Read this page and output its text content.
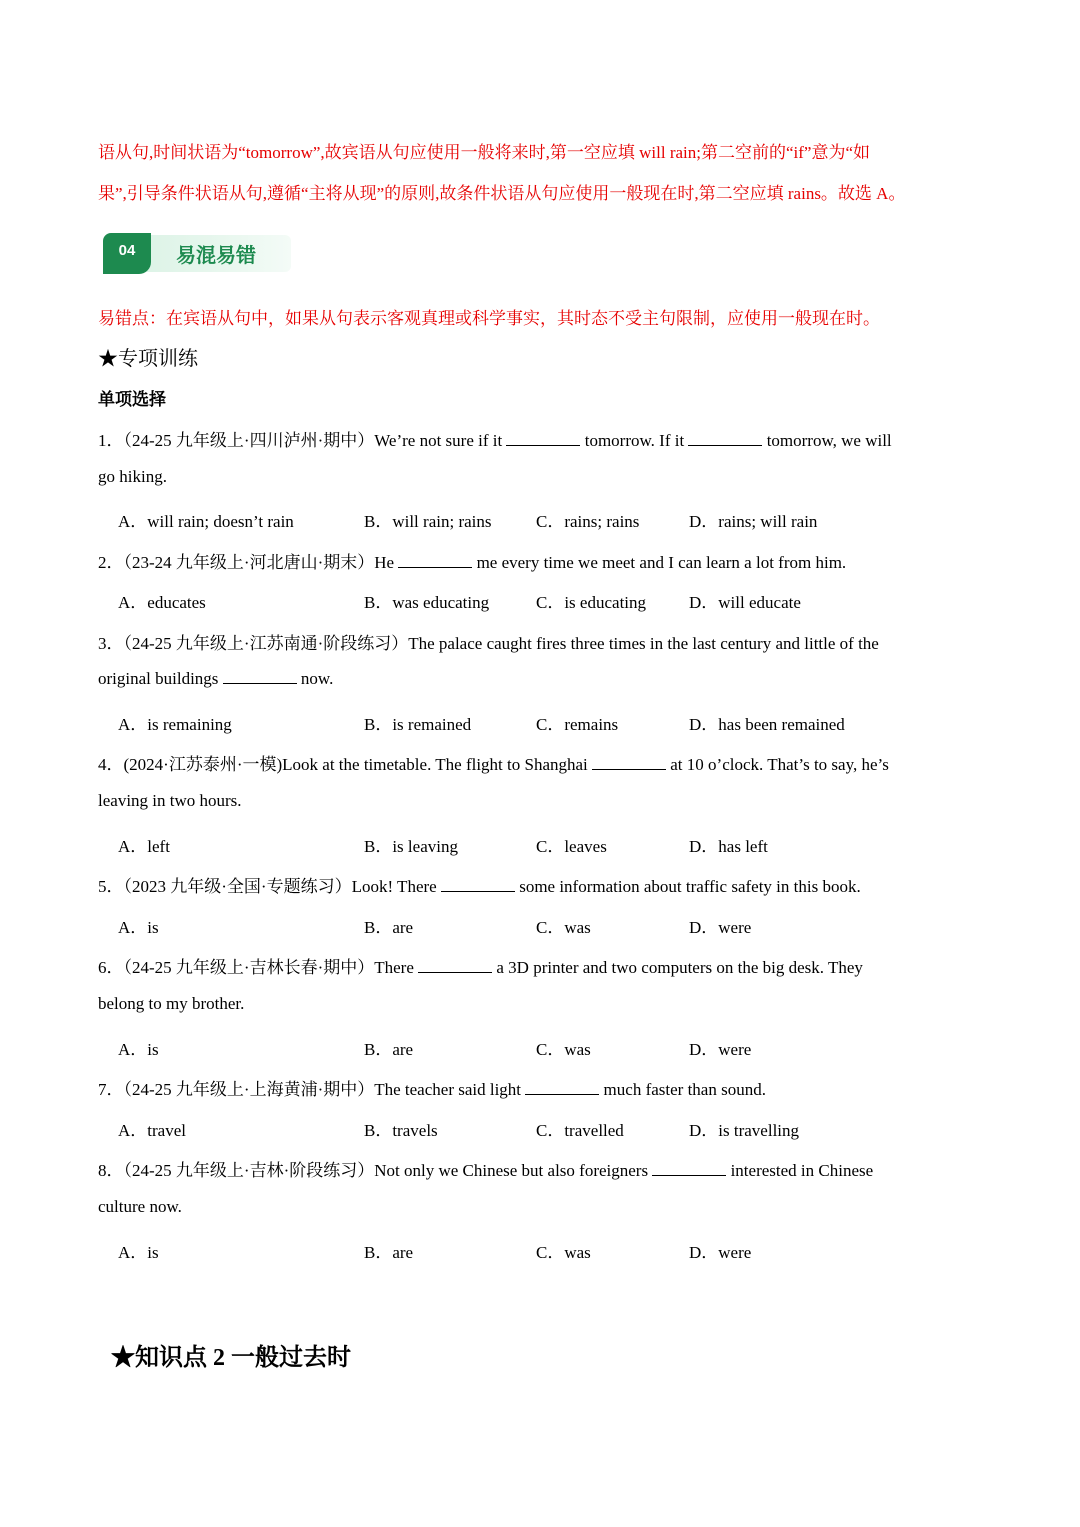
语从句,时间状语为“tomorrow”,故宾语从句应使用一般将来时,第一空应填 will rain;第二空前的“if”意为“如
果”,引导条件状语从句,遵循“主将从现”的原则,故条件状语从句应使用一般现在时,第二空应填 rains。故选 A。
04	易混易错
易错点：在宾语从句中，如果从句表示客观真理或科学事实，其时态不受主句限制，应使用一般现在时。
★专项训练
单项选择
1．（24-25 九年级上·四川泸州·期中）We’re not sure if it	tomorrow. If it	tomorrow, we will
go hiking.
A．will rain; doesn’t rain	B．will rain; rains	C．rains; rains	D．rains; will rain
2．（23-24 九年级上·河北唐山·期末）He	me every time we meet and I can learn a lot from him.
A．educates	B．was educating	C．is educating	D．will educate
3．（24-25 九年级上·江苏南通·阶段练习）The palace caught fires three times in the last century and little of the
original buildings	now.
A．is remaining	B．is remained	C．remains	D．has been remained
4．(2024·江苏泰州·一模)Look at the timetable. The flight to Shanghai	at 10 o’clock. That’s to say, he’s
leaving in two hours.
A．left	B．is leaving	C．leaves	D．has left
5．（2023 九年级·全国·专题练习）Look! There	some information about traffic safety in this book.
A．is	B．are	C．was	D．were
6．（24-25 九年级上·吉林长春·期中）There	a 3D printer and two computers on the big desk. They
belong to my brother.
A．is	B．are	C．was	D．were
7．（24-25 九年级上·上海黄浦·期中）The teacher said light	much faster than sound.
A．travel	B．travels	C．travelled	D．is travelling
8．（24-25 九年级上·吉林·阶段练习）Not only we Chinese but also foreigners	interested in Chinese
culture now.
A．is	B．are	C．was	D．were
★知识点 2 一般过去时
